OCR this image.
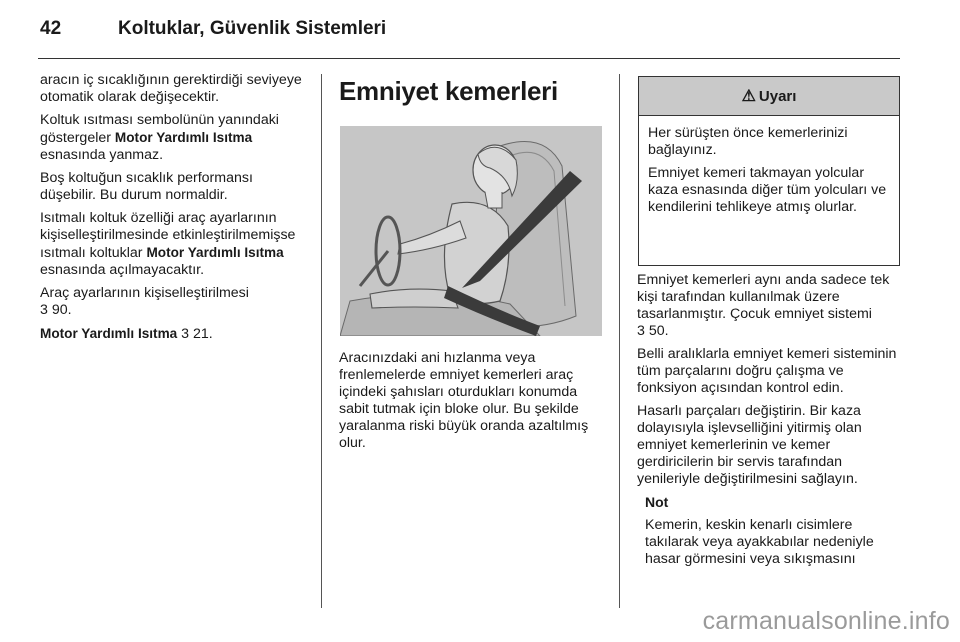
42	Koltuklar, Güvenlik Sistemleri

aracın iç sıcaklığının gerektirdiği seviyeye otomatik olarak değişecektir.

Koltuk ısıtması sembolünün yanındaki göstergeler Motor Yardımlı Isıtma esnasında yanmaz.

Boş koltuğun sıcaklık performansı düşebilir. Bu durum normaldir.

Isıtmalı koltuk özelliği araç ayarlarının kişiselleştirilmesinde etkinleştirilmemişse ısıtmalı koltuklar Motor Yardımlı Isıtma esnasında açılmayacaktır.

Araç ayarlarının kişiselleştirilmesi
3 90.

Motor Yardımlı Isıtma 3 21.

Emniyet kemerleri

Aracınızdaki ani hızlanma veya frenlemelerde emniyet kemerleri araç içindeki şahısları oturdukları konumda sabit tutmak için bloke olur. Bu şekilde yaralanma riski büyük oranda azaltılmış olur.

⚠ Uyarı

Her sürüşten önce kemerlerinizi bağlayınız.

Emniyet kemeri takmayan yolcular kaza esnasında diğer tüm yolcuları ve kendilerini tehlikeye atmış olurlar.

Emniyet kemerleri aynı anda sadece tek kişi tarafından kullanılmak üzere tasarlanmıştır. Çocuk emniyet sistemi
3 50.

Belli aralıklarla emniyet kemeri sisteminin tüm parçalarını doğru çalışma ve fonksiyon açısından kontrol edin.

Hasarlı parçaları değiştirin. Bir kaza dolayısıyla işlevselliğini yitirmiş olan emniyet kemerlerinin ve kemer gerdiricilerin bir servis tarafından yenileriyle değiştirilmesini sağlayın.

Not

Kemerin, keskin kenarlı cisimlere takılarak veya ayakkabılar nedeniyle hasar görmesini veya sıkışmasını

carmanualsonline.info
